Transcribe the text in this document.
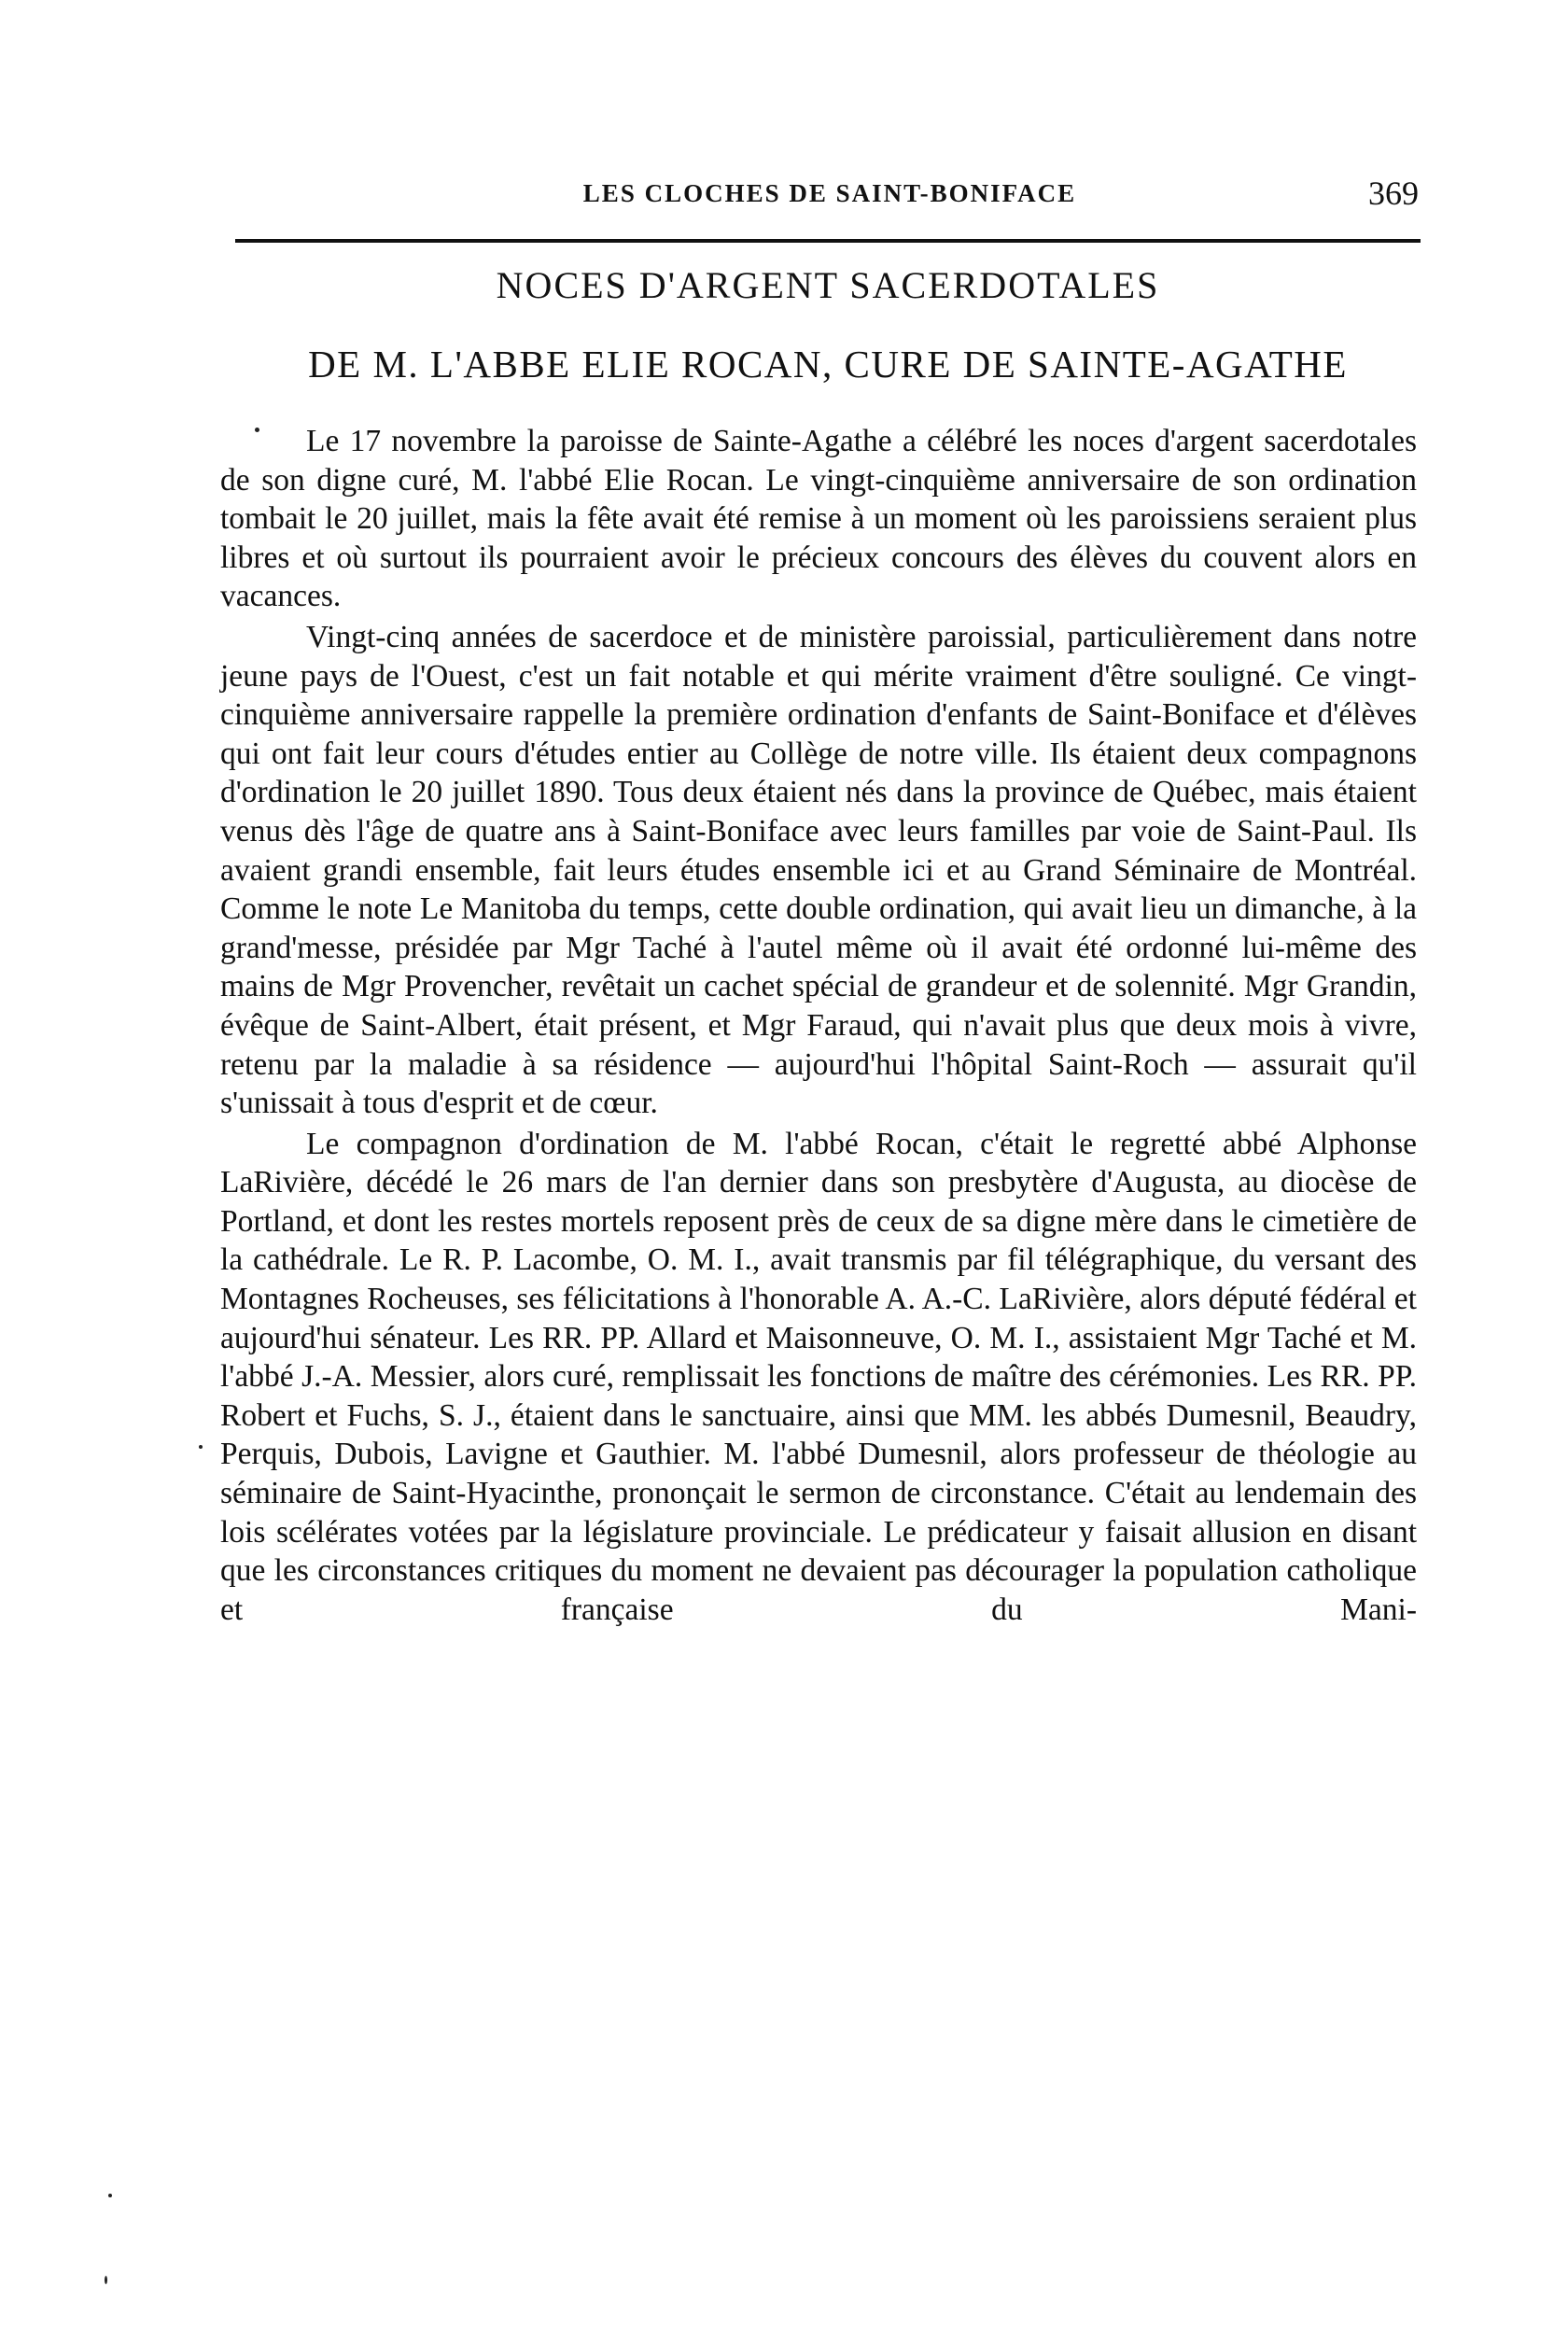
LES CLOCHES DE SAINT-BONIFACE	369
NOCES D'ARGENT SACERDOTALES
DE M. L'ABBE ELIE ROCAN, CURE DE SAINTE-AGATHE

Le 17 novembre la paroisse de Sainte-Agathe a célébré les noces d'argent sacerdotales de son digne curé, M. l'abbé Elie Rocan. Le vingt-cinquième anniversaire de son ordination tombait le 20 juillet, mais la fête avait été remise à un moment où les paroissiens seraient plus libres et où surtout ils pourraient avoir le précieux concours des élèves du couvent alors en vacances.

Vingt-cinq années de sacerdoce et de ministère paroissial, particulièrement dans notre jeune pays de l'Ouest, c'est un fait notable et qui mérite vraiment d'être souligné. Ce vingt-cinquième anniversaire rappelle la première ordination d'enfants de Saint-Boniface et d'élèves qui ont fait leur cours d'études entier au Collège de notre ville. Ils étaient deux compagnons d'ordination le 20 juillet 1890. Tous deux étaient nés dans la province de Québec, mais étaient venus dès l'âge de quatre ans à Saint-Boniface avec leurs familles par voie de Saint-Paul. Ils avaient grandi ensemble, fait leurs études ensemble ici et au Grand Séminaire de Montréal. Comme le note Le Manitoba du temps, cette double ordination, qui avait lieu un dimanche, à la grand'messe, présidée par Mgr Taché à l'autel même où il avait été ordonné lui-même des mains de Mgr Provencher, revêtait un cachet spécial de grandeur et de solennité. Mgr Grandin, évêque de Saint-Albert, était présent, et Mgr Faraud, qui n'avait plus que deux mois à vivre, retenu par la maladie à sa résidence — aujourd'hui l'hôpital Saint-Roch — assurait qu'il s'unissait à tous d'esprit et de cœur.

Le compagnon d'ordination de M. l'abbé Rocan, c'était le regretté abbé Alphonse LaRivière, décédé le 26 mars de l'an dernier dans son presbytère d'Augusta, au diocèse de Portland, et dont les restes mortels reposent près de ceux de sa digne mère dans le cimetière de la cathédrale. Le R. P. Lacombe, O. M. I., avait transmis par fil télégraphique, du versant des Montagnes Rocheuses, ses félicitations à l'honorable A. A.-C. LaRivière, alors député fédéral et aujourd'hui sénateur. Les RR. PP. Allard et Maisonneuve, O. M. I., assistaient Mgr Taché et M. l'abbé J.-A. Messier, alors curé, remplissait les fonctions de maître des cérémonies. Les RR. PP. Robert et Fuchs, S. J., étaient dans le sanctuaire, ainsi que MM. les abbés Dumesnil, Beaudry, Perquis, Dubois, Lavigne et Gauthier. M. l'abbé Dumesnil, alors professeur de théologie au séminaire de Saint-Hyacinthe, prononçait le sermon de circonstance. C'était au lendemain des lois scélérates votées par la législature provinciale. Le prédicateur y faisait allusion en disant que les circonstances critiques du moment ne devaient pas décourager la population catholique et française du Mani-
